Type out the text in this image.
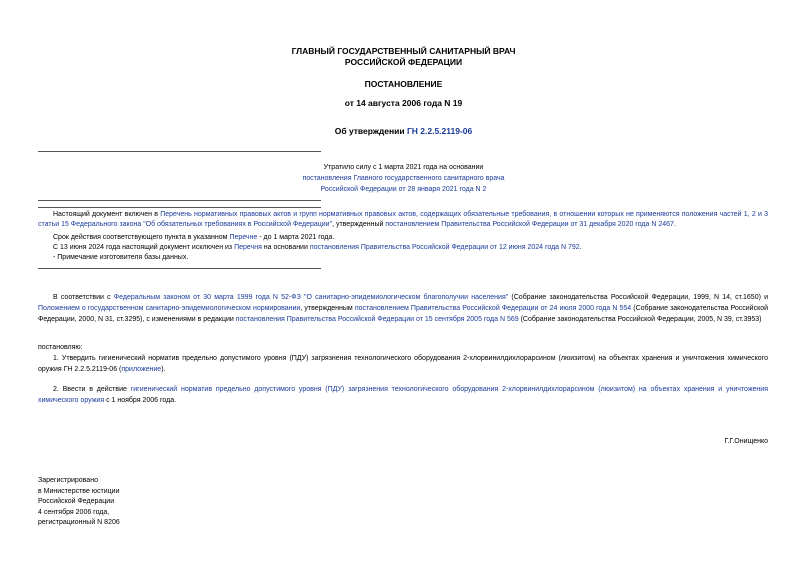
ГЛАВНЫЙ ГОСУДАРСТВЕННЫЙ САНИТАРНЫЙ ВРАЧ
РОССИЙСКОЙ ФЕДЕРАЦИИ
ПОСТАНОВЛЕНИЕ
от 14 августа 2006 года N 19
Об утверждении ГН 2.2.5.2119-06
Утратило силу с 1 марта 2021 года на основании
постановления Главного государственного санитарного врача
Российской Федерации от 28 января 2021 года N 2
Настоящий документ включен в Перечень нормативных правовых актов и групп нормативных правовых актов, содержащих обязательные требования, в отношении которых не применяются положения частей 1, 2 и 3 статьи 15 Федерального закона "Об обязательных требованиях в Российской Федерации", утвержденный постановлением Правительства Российской Федерации от 31 декабря 2020 года N 2467.
Срок действия соответствующего пункта в указанном Перечне - до 1 марта 2021 года.
С 13 июня 2024 года настоящий документ исключен из Перечня на основании постановления Правительства Российской Федерации от 12 июня 2024 года N 792.
- Примечание изготовителя базы данных.
В соответствии с Федеральным законом от 30 марта 1999 года N 52-ФЗ "О санитарно-эпидемиологическом благополучии населения" (Собрание законодательства Российской Федерации, 1999, N 14, ст.1650) и Положением о государственном санитарно-эпидемиологическом нормировании, утвержденным постановлением Правительства Российской Федерации от 24 июля 2000 года N 554 (Собрание законодательства Российской Федерации, 2000, N 31, ст.3295), с изменениями в редакции постановления Правительства Российской Федерации от 15 сентября 2005 года N 569 (Собрание законодательства Российской Федерации, 2005, N 39, ст.3953)
постановляю:
1. Утвердить гигиенический норматив предельно допустимого уровня (ПДУ) загрязнения технологического оборудования 2-хлорвинилдихлорарсином (люизитом) на объектах хранения и уничтожения химического оружия ГН 2.2.5.2119-06 (приложение).
2. Ввести в действие гигиенический норматив предельно допустимого уровня (ПДУ) загрязнения технологического оборудования 2-хлорвинилдихлорарсином (люизитом) на объектах хранения и уничтожения химического оружия с 1 ноября 2006 года.
Г.Г.Онищенко
Зарегистрировано
в Министерстве юстиции
Российской Федерации
4 сентября 2006 года,
регистрационный N 8206
